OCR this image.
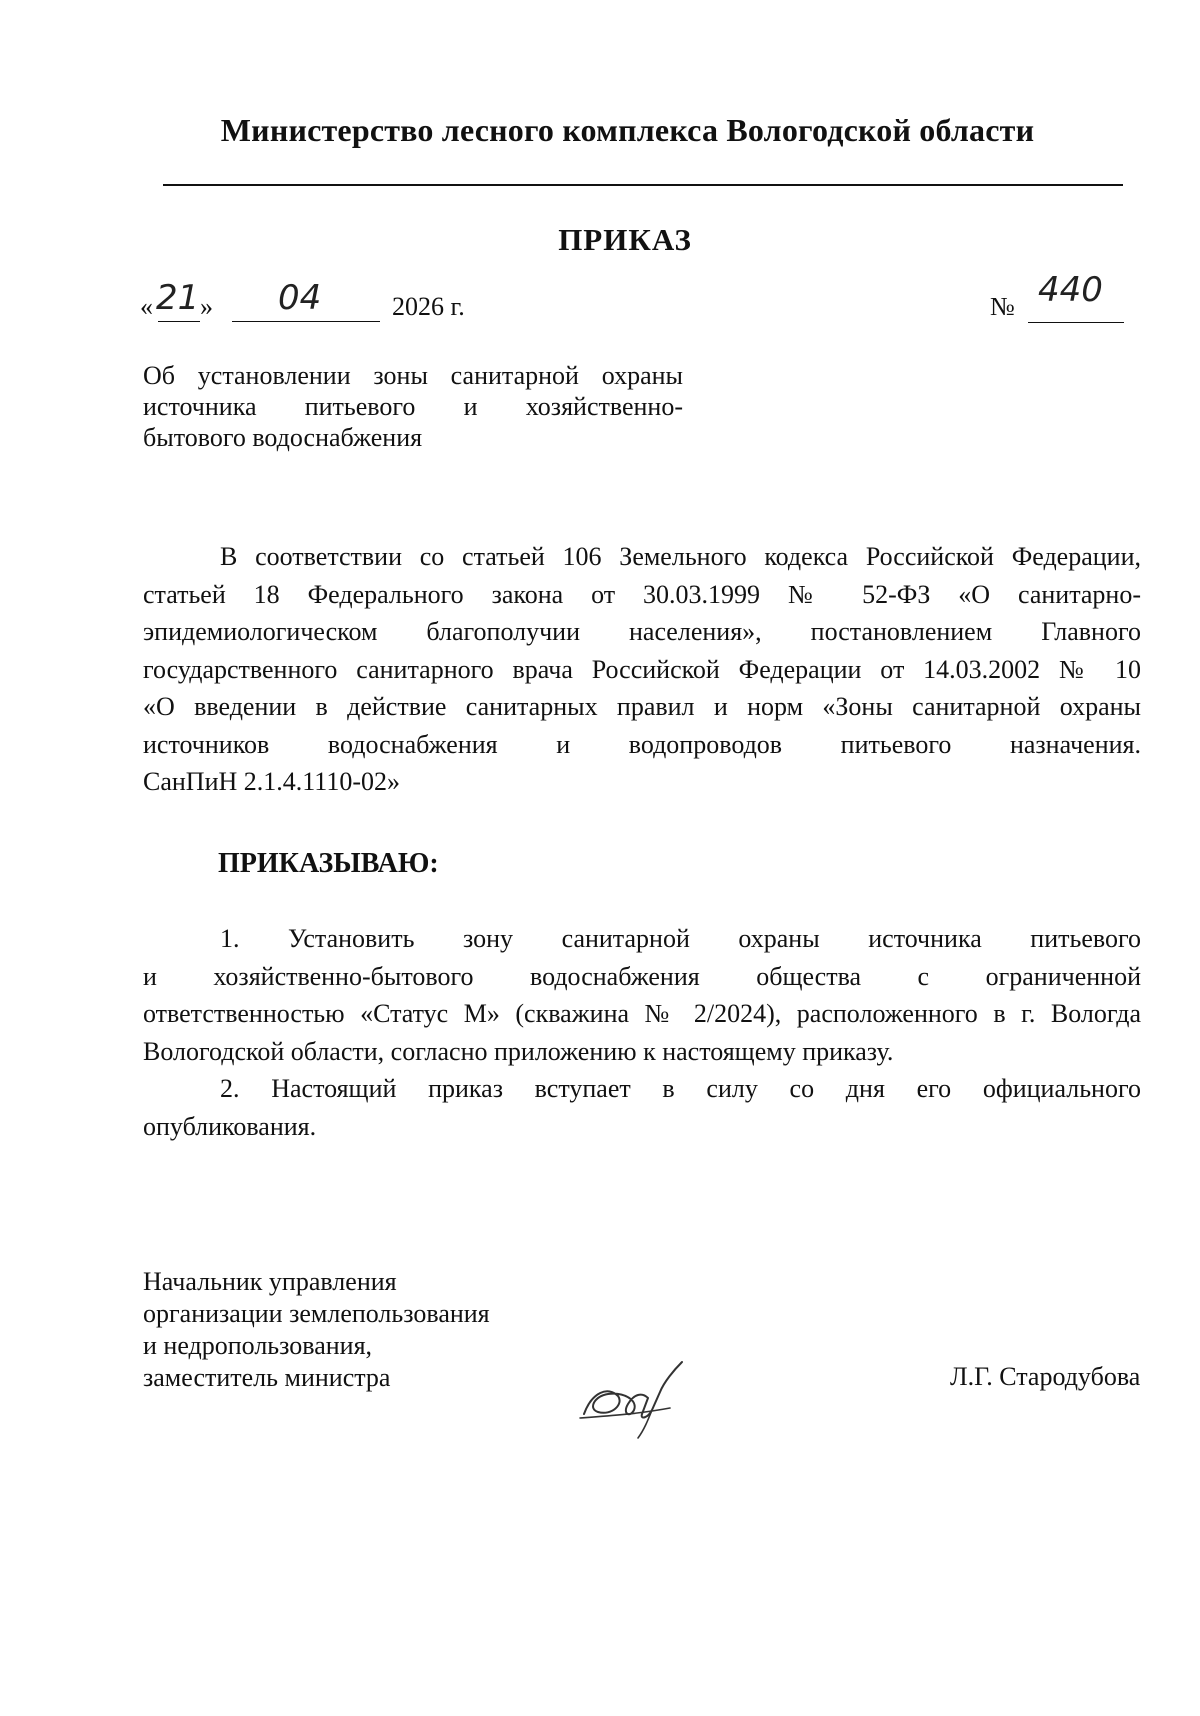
Министерство лесного комплекса Вологодской области
ПРИКАЗ
« 21 » 04	2026 г.	№ 440
Об установлении зоны санитарной охраны
источника питьевого и хозяйственно-
бытового водоснабжения
В соответствии со статьей 106 Земельного кодекса Российской Федерации,
статьей 18 Федерального закона от 30.03.1999 № 52-ФЗ «О санитарно-
эпидемиологическом благополучии населения», постановлением Главного
государственного санитарного врача Российской Федерации от 14.03.2002 № 10
«О введении в действие санитарных правил и норм «Зоны санитарной охраны
источников водоснабжения и водопроводов питьевого назначения.
СанПиН 2.1.4.1110-02»
ПРИКАЗЫВАЮ:
1. Установить зону санитарной охраны источника питьевого
и хозяйственно-бытового водоснабжения общества с ограниченной
ответственностью «Статус М» (скважина № 2/2024), расположенного в г. Вологда
Вологодской области, согласно приложению к настоящему приказу.
2. Настоящий приказ вступает в силу со дня его официального
опубликования.
Начальник управления
организации землепользования
и недропользования,
заместитель министра	Л.Г. Стародубова
